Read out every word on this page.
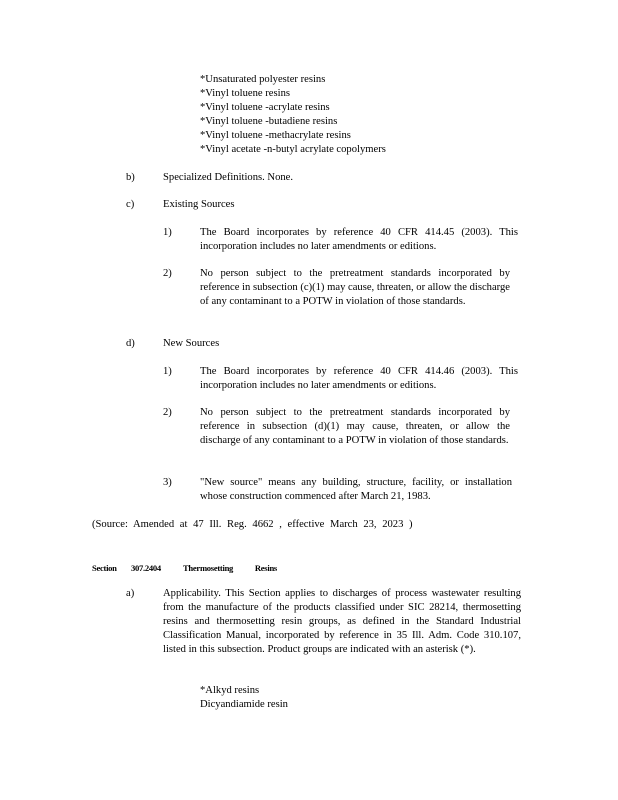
*Unsaturated polyester resins
*Vinyl toluene resins
*Vinyl toluene -acrylate resins
*Vinyl toluene -butadiene resins
*Vinyl toluene -methacrylate resins
*Vinyl acetate -n-butyl acrylate copolymers
b)	Specialized Definitions. None.
c)	Existing Sources
1)	The Board incorporates by reference 40 CFR 414.45 (2003). This incorporation includes no later amendments or editions.
2)	No person subject to the pretreatment standards incorporated by reference in subsection (c)(1) may cause, threaten, or allow the discharge of any contaminant to a POTW in violation of those standards.
d)	New Sources
1)	The Board incorporates by reference 40 CFR 414.46 (2003). This incorporation includes no later amendments or editions.
2)	No person subject to the pretreatment standards incorporated by reference in subsection (d)(1) may cause, threaten, or allow the discharge of any contaminant to a POTW in violation of those standards.
3)	"New source" means any building, structure, facility, or installation whose construction commenced after March 21, 1983.
(Source: Amended at 47 Ill. Reg. 4662 , effective March 23, 2023 )
Section 307.2404	Thermosetting Resins
a)	Applicability. This Section applies to discharges of process wastewater resulting from the manufacture of the products classified under SIC 28214, thermosetting resins and thermosetting resin groups, as defined in the Standard Industrial Classification Manual, incorporated by reference in 35 Ill. Adm. Code 310.107, listed in this subsection. Product groups are indicated with an asterisk (*).
*Alkyd resins
Dicyandiamide resin
